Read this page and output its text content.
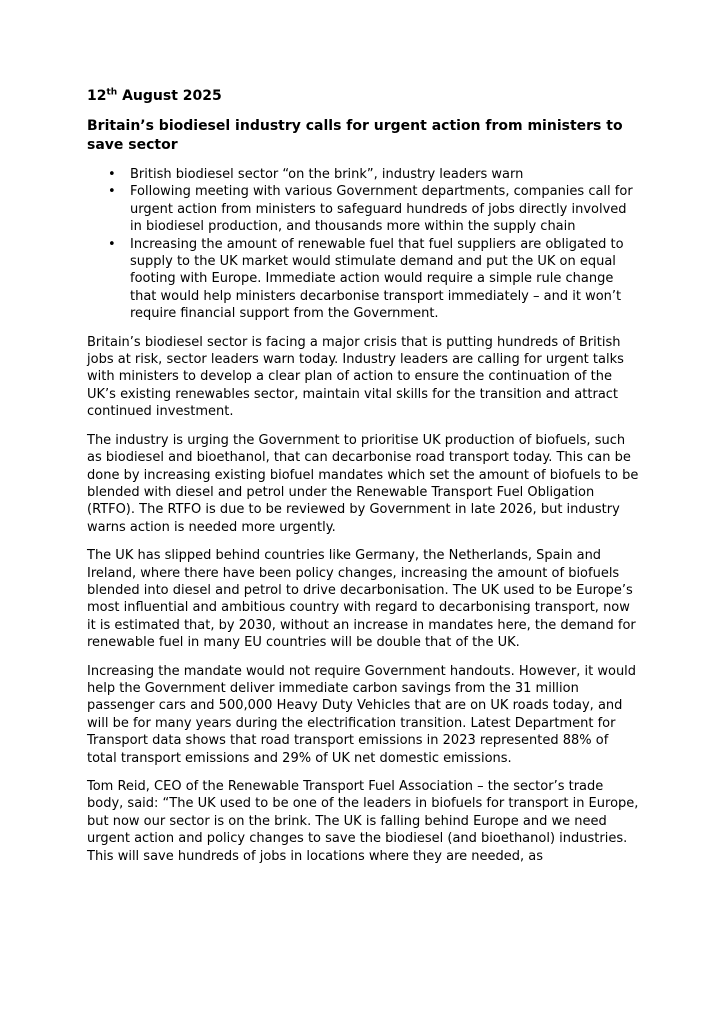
12th August 2025

Britain’s biodiesel industry calls for urgent action from ministers to save sector
• British biodiesel sector “on the brink”, industry leaders warn
• Following meeting with various Government departments, companies call for urgent action from ministers to safeguard hundreds of jobs directly involved in biodiesel production, and thousands more within the supply chain
• Increasing the amount of renewable fuel that fuel suppliers are obligated to supply to the UK market would stimulate demand and put the UK on equal footing with Europe. Immediate action would require a simple rule change that would help ministers decarbonise transport immediately – and it won’t require financial support from the Government.

Britain’s biodiesel sector is facing a major crisis that is putting hundreds of British jobs at risk, sector leaders warn today. Industry leaders are calling for urgent talks with ministers to develop a clear plan of action to ensure the continuation of the UK’s existing renewables sector, maintain vital skills for the transition and attract continued investment.

The industry is urging the Government to prioritise UK production of biofuels, such as biodiesel and bioethanol, that can decarbonise road transport today. This can be done by increasing existing biofuel mandates which set the amount of biofuels to be blended with diesel and petrol under the Renewable Transport Fuel Obligation (RTFO). The RTFO is due to be reviewed by Government in late 2026, but industry warns action is needed more urgently.

The UK has slipped behind countries like Germany, the Netherlands, Spain and Ireland, where there have been policy changes, increasing the amount of biofuels blended into diesel and petrol to drive decarbonisation. The UK used to be Europe’s most influential and ambitious country with regard to decarbonising transport, now it is estimated that, by 2030, without an increase in mandates here, the demand for renewable fuel in many EU countries will be double that of the UK.

Increasing the mandate would not require Government handouts. However, it would help the Government deliver immediate carbon savings from the 31 million passenger cars and 500,000 Heavy Duty Vehicles that are on UK roads today, and will be for many years during the electrification transition. Latest Department for Transport data shows that road transport emissions in 2023 represented 88% of total transport emissions and 29% of UK net domestic emissions.

Tom Reid, CEO of the Renewable Transport Fuel Association – the sector’s trade body, said: “The UK used to be one of the leaders in biofuels for transport in Europe, but now our sector is on the brink. The UK is falling behind Europe and we need urgent action and policy changes to save the biodiesel (and bioethanol) industries. This will save hundreds of jobs in locations where they are needed, as
